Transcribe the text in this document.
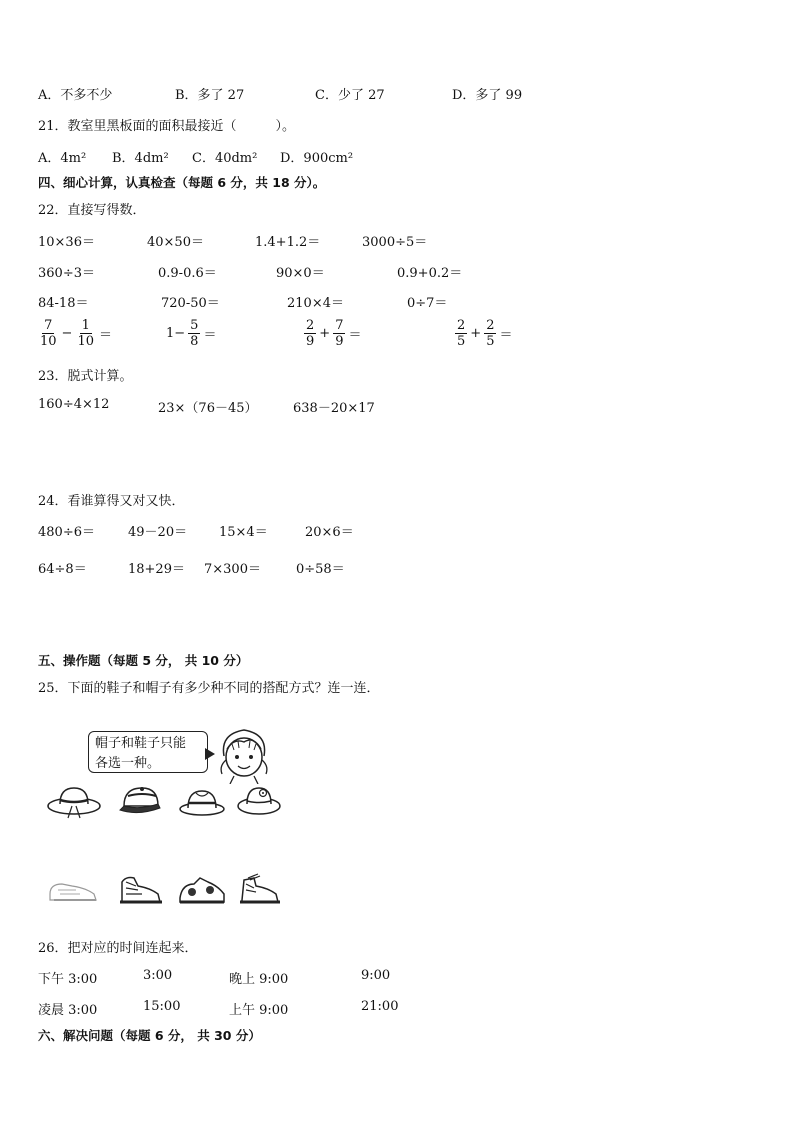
A．不多不少	B．多了 27	C．少了 27	D．多了 99
21．教室里黑板面的面积最接近（　　　）。
A．4m² B．4dm² C．40dm² D．900cm²
四、细心计算，认真检查（每题 6 分，共 18 分）。
22．直接写得数．
10×36＝	40×50＝	1.4+1.2＝	3000÷5＝
360÷3＝	0.9-0.6＝	90×0＝	0.9+0.2＝
84-18＝	720-50＝	210×4＝	0÷7＝
$\frac{7}{10} - \frac{1}{10}$ ＝	$1- \frac{5}{8}$ ＝	$\frac{2}{9} + \frac{7}{9}$ ＝	$\frac{2}{5} + \frac{2}{5}$ ＝
23．脱式计算。
160÷4×12	23×（76－45）	638－20×17
24．看谁算得又对又快．
480÷6＝	49－20＝ 15×4＝	20×6＝
64÷8＝	18+29＝ 7×300＝	0÷58＝
五、操作题（每题 5 分， 共 10 分）
25．下面的鞋子和帽子有多少种不同的搭配方式？连一连．
帽子和鞋子只能
各选一种。
26．把对应的时间连起来．
下午 3:00	3:00	晚上 9:00	9:00
凌晨 3:00	15:00	上午 9:00	21:00
六、解决问题（每题 6 分， 共 30 分）
